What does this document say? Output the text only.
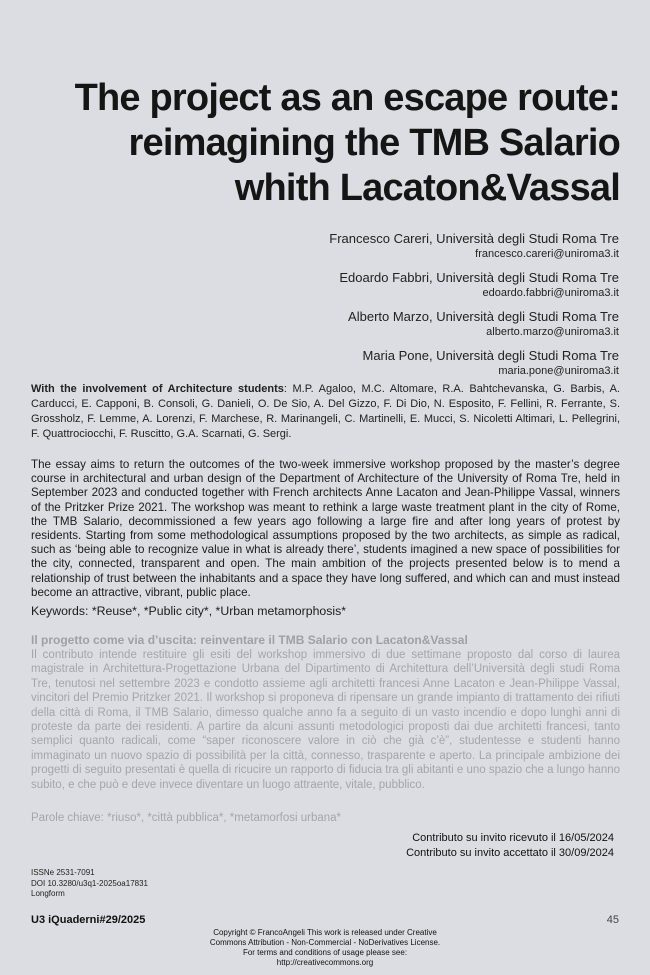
The project as an escape route:
reimagining the TMB Salario
whith Lacaton&Vassal
Francesco Careri, Università degli Studi Roma Tre
francesco.careri@uniroma3.it
Edoardo Fabbri, Università degli Studi Roma Tre
edoardo.fabbri@uniroma3.it
Alberto Marzo, Università degli Studi Roma Tre
alberto.marzo@uniroma3.it
Maria Pone, Università degli Studi Roma Tre
maria.pone@uniroma3.it
With the involvement of Architecture students: M.P. Agaloo, M.C. Altomare, R.A. Bahtchevanska, G. Barbis, A. Carducci, E. Capponi, B. Consoli, G. Danieli, O. De Sio, A. Del Gizzo, F. Di Dio, N. Esposito, F. Fellini, R. Ferrante, S. Grossholz, F. Lemme, A. Lorenzi, F. Marchese, R. Marinangeli, C. Martinelli, E. Mucci, S. Nicoletti Altimari, L. Pellegrini, F. Quattrociocchi, F. Ruscitto, G.A. Scarnati, G. Sergi.
The essay aims to return the outcomes of the two-week immersive workshop proposed by the master’s degree course in architectural and urban design of the Department of Architecture of the University of Roma Tre, held in September 2023 and conducted together with French architects Anne Lacaton and Jean-Philippe Vassal, winners of the Pritzker Prize 2021. The workshop was meant to rethink a large waste treatment plant in the city of Rome, the TMB Salario, decommissioned a few years ago following a large fire and after long years of protest by residents. Starting from some methodological assumptions proposed by the two architects, as simple as radical, such as ‘being able to recognize value in what is already there’, students imagined a new space of possibilities for the city, connected, transparent and open. The main ambition of the projects presented below is to mend a relationship of trust between the inhabitants and a space they have long suffered, and which can and must instead become an attractive, vibrant, public place.
Keywords: *Reuse*, *Public city*, *Urban metamorphosis*
Il progetto come via d’uscita: reinventare il TMB Salario con Lacaton&Vassal
Il contributo intende restituire gli esiti del workshop immersivo di due settimane proposto dal corso di laurea magistrale in Architettura-Progettazione Urbana del Dipartimento di Architettura dell’Università degli studi Roma Tre, tenutosi nel settembre 2023 e condotto assieme agli architetti francesi Anne Lacaton e Jean-Philippe Vassal, vincitori del Premio Pritzker 2021. Il workshop si proponeva di ripensare un grande impianto di trattamento dei rifiuti della città di Roma, il TMB Salario, dimesso qualche anno fa a seguito di un vasto incendio e dopo lunghi anni di proteste da parte dei residenti. A partire da alcuni assunti metodologici proposti dai due architetti francesi, tanto semplici quanto radicali, come “saper riconoscere valore in ciò che già c’è”, studentesse e studenti hanno immaginato un nuovo spazio di possibilità per la città, connesso, trasparente e aperto. La principale ambizione dei progetti di seguito presentati è quella di ricucire un rapporto di fiducia tra gli abitanti e uno spazio che a lungo hanno subito, e che può e deve invece diventare un luogo attraente, vitale, pubblico.
Parole chiave: *riuso*, *città pubblica*, *metamorfosi urbana*
Contributo su invito ricevuto il 16/05/2024
Contributo su invito accettato il 30/09/2024
ISSNe 2531-7091
DOI 10.3280/u3q1-2025oa17831
Longform
U3 iQuaderni#29/2025	45
Copyright © FrancoAngeli This work is released under Creative
Commons Attribution - Non-Commercial - NoDerivatives License.
For terms and conditions of usage please see:
http://creativecommons.org
